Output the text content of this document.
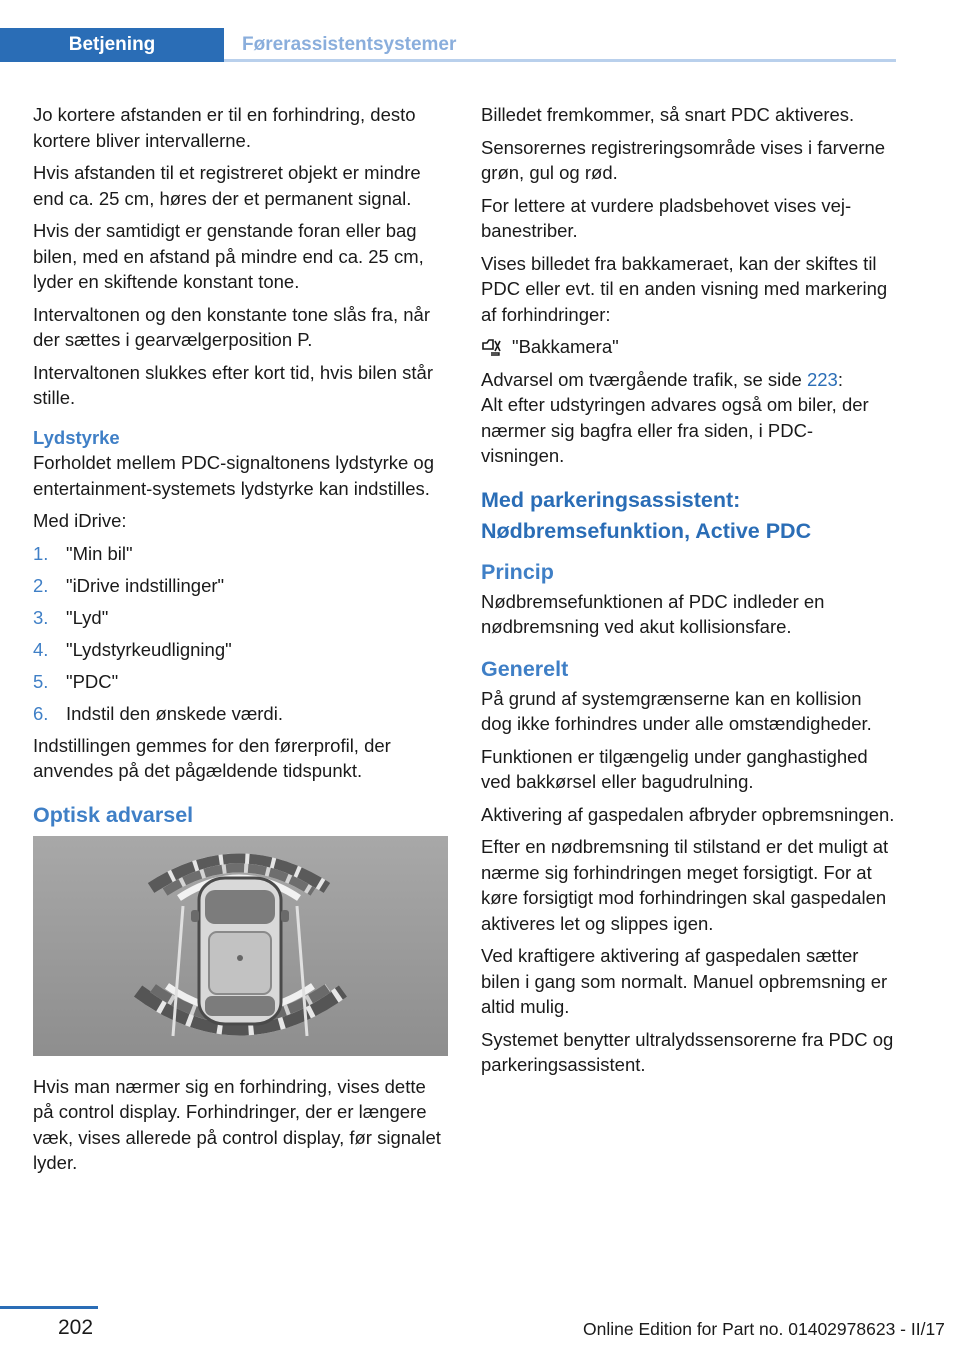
Betjening	Førerassistentsystemer

Jo kortere afstanden er til en forhindring, desto kortere bliver intervallerne.

Hvis afstanden til et registreret objekt er mindre end ca. 25 cm, høres der et permanent signal.

Hvis der samtidigt er genstande foran eller bag bilen, med en afstand på mindre end ca. 25 cm, lyder en skiftende konstant tone.

Intervaltonen og den konstante tone slås fra, når der sættes i gearvælgerposition P.

Intervaltonen slukkes efter kort tid, hvis bilen står stille.

Lydstyrke

Forholdet mellem PDC-signaltonens lydstyrke og entertainment-systemets lydstyrke kan indstilles.

Med iDrive:

1. "Min bil"
2. "iDrive indstillinger"
3. "Lyd"
4. "Lydstyrkeudligning"
5. "PDC"
6. Indstil den ønskede værdi.

Indstillingen gemmes for den førerprofil, der anvendes på det pågældende tidspunkt.

Optisk advarsel

Hvis man nærmer sig en forhindring, vises dette på control display. Forhindringer, der er længere væk, vises allerede på control display, før signalet lyder.

Billedet fremkommer, så snart PDC aktiveres.

Sensorernes registreringsområde vises i farverne grøn, gul og rød.

For lettere at vurdere pladsbehovet vises vejbanestriber.

Vises billedet fra bakkameraet, kan der skiftes til PDC eller evt. til en anden visning med markering af forhindringer:

"Bakkamera"

Advarsel om tværgående trafik, se side 223:
Alt efter udstyringen advares også om biler, der nærmer sig bagfra eller fra siden, i PDC-visningen.

Med parkeringsassistent: Nødbremsefunktion, Active PDC
Princip

Nødbremsefunktionen af PDC indleder en nødbremsning ved akut kollisionsfare.

Generelt

På grund af systemgrænserne kan en kollision dog ikke forhindres under alle omstændigheder.

Funktionen er tilgængelig under ganghastighed ved bakkørsel eller bagudrulning.

Aktivering af gaspedalen afbryder opbremsningen.

Efter en nødbremsning til stilstand er det muligt at nærme sig forhindringen meget forsigtigt. For at køre forsigtigt mod forhindringen skal gaspedalen aktiveres let og slippes igen.

Ved kraftigere aktivering af gaspedalen sætter bilen i gang som normalt. Manuel opbremsning er altid mulig.

Systemet benytter ultralydssensorerne fra PDC og parkeringsassistent.

202	Online Edition for Part no. 01402978623 - II/17
